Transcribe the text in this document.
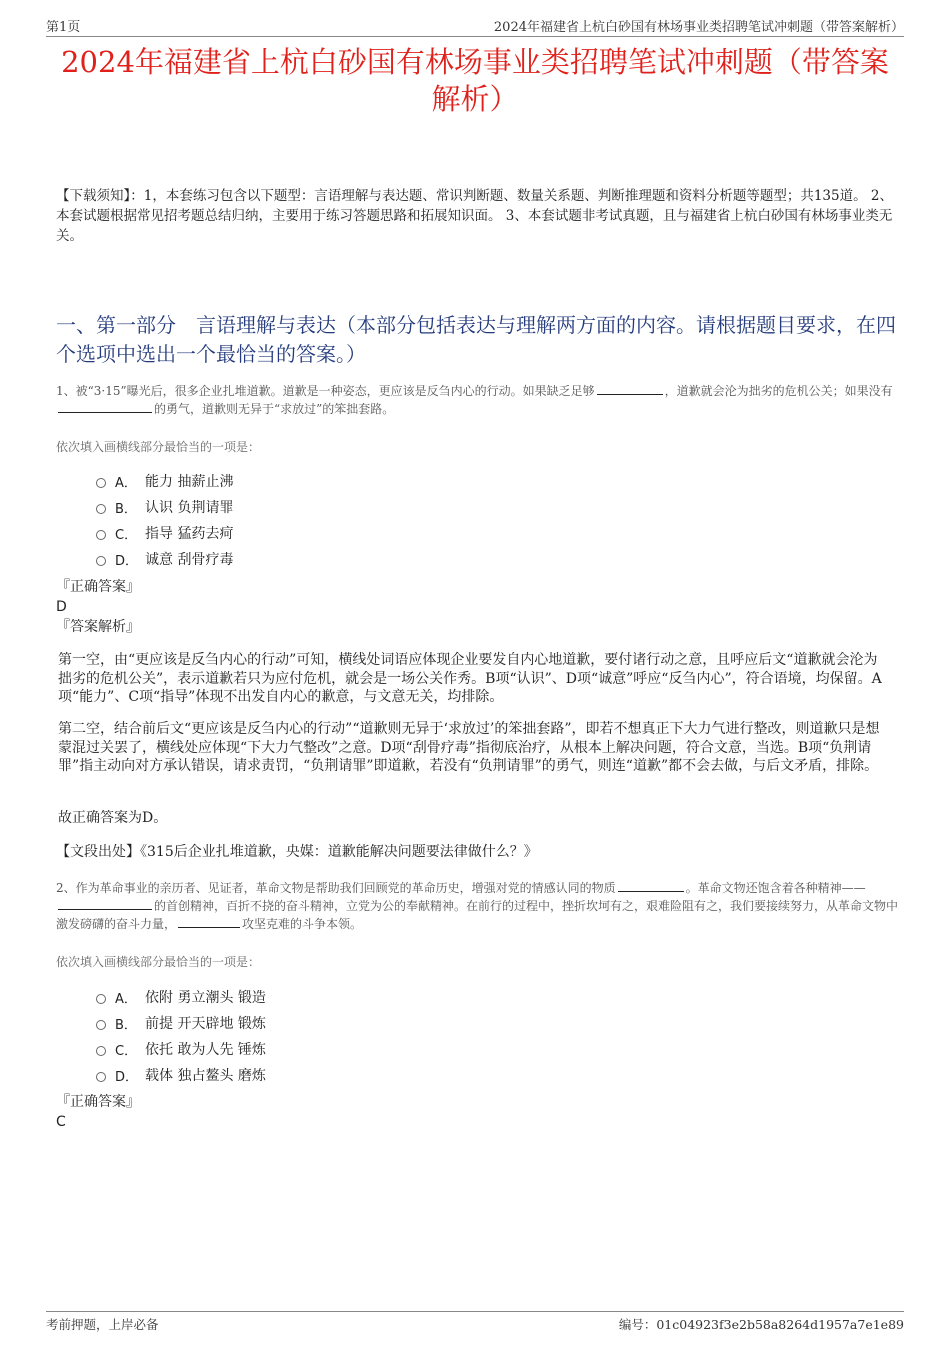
第1页	2024年福建省上杭白砂国有林场事业类招聘笔试冲刺题（带答案解析）
2024年福建省上杭白砂国有林场事业类招聘笔试冲刺题（带答案解析）
【下载须知】：1，本套练习包含以下题型：言语理解与表达题、常识判断题、数量关系题、判断推理题和资料分析题等题型；共135道。 2、本套试题根据常见招考题总结归纳，主要用于练习答题思路和拓展知识面。 3、本套试题非考试真题，且与福建省上杭白砂国有林场事业类无关。
一、第一部分　言语理解与表达（本部分包括表达与理解两方面的内容。请根据题目要求，在四个选项中选出一个最恰当的答案。）
1、被“3·15”曝光后，很多企业扎堆道歉。道歉是一种姿态，更应该是反刍内心的行动。如果缺乏足够	，道歉就会沦为拙劣的危机公关；如果没有的勇气，道歉则无异于“求放过”的笨拙套路。
依次填入画横线部分最恰当的一项是：
A． 能力 抽薪止沸
B． 认识 负荆请罪
C． 指导 猛药去疴
D． 诚意 刮骨疗毒
『正确答案』
D
『答案解析』
第一空，由“更应该是反刍内心的行动”可知，横线处词语应体现企业要发自内心地道歉，要付诸行动之意，且呼应后文“道歉就会沦为拙劣的危机公关”，表示道歉若只为应付危机，就会是一场公关作秀。B项“认识”、D项“诚意”呼应“反刍内心”，符合语境，均保留。A项“能力”、C项“指导”体现不出发自内心的歉意，与文意无关，均排除。
第二空，结合前后文“更应该是反刍内心的行动”“道歉则无异于‘求放过’的笨拙套路”，即若不想真正下大力气进行整改，则道歉只是想蒙混过关罢了，横线处应体现“下大力气整改”之意。D项“刮骨疗毒”指彻底治疗，从根本上解决问题，符合文意，当选。B项“负荆请罪”指主动向对方承认错误，请求责罚，“负荆请罪”即道歉，若没有“负荆请罪”的勇气，则连“道歉”都不会去做，与后文矛盾，排除。
故正确答案为D。
【文段出处】《315后企业扎堆道歉，央媒：道歉能解决问题要法律做什么？》
2、作为革命事业的亲历者、见证者，革命文物是帮助我们回顾党的革命历史，增强对党的情感认同的物质	。革命文物还饱含着各种精神——的首创精神，百折不挠的奋斗精神，立党为公的奉献精神。在前行的过程中，挫折坎坷有之，艰难险阻有之，我们要接续努力，从革命文物中激发磅礴的奋斗力量，	攻坚克难的斗争本领。
依次填入画横线部分最恰当的一项是：
A． 依附 勇立潮头 锻造
B． 前提 开天辟地 锻炼
C． 依托 敢为人先 锤炼
D． 载体 独占鳌头 磨炼
『正确答案』
C
考前押题，上岸必备	编号：01c04923f3e2b58a8264d1957a7e1e89
